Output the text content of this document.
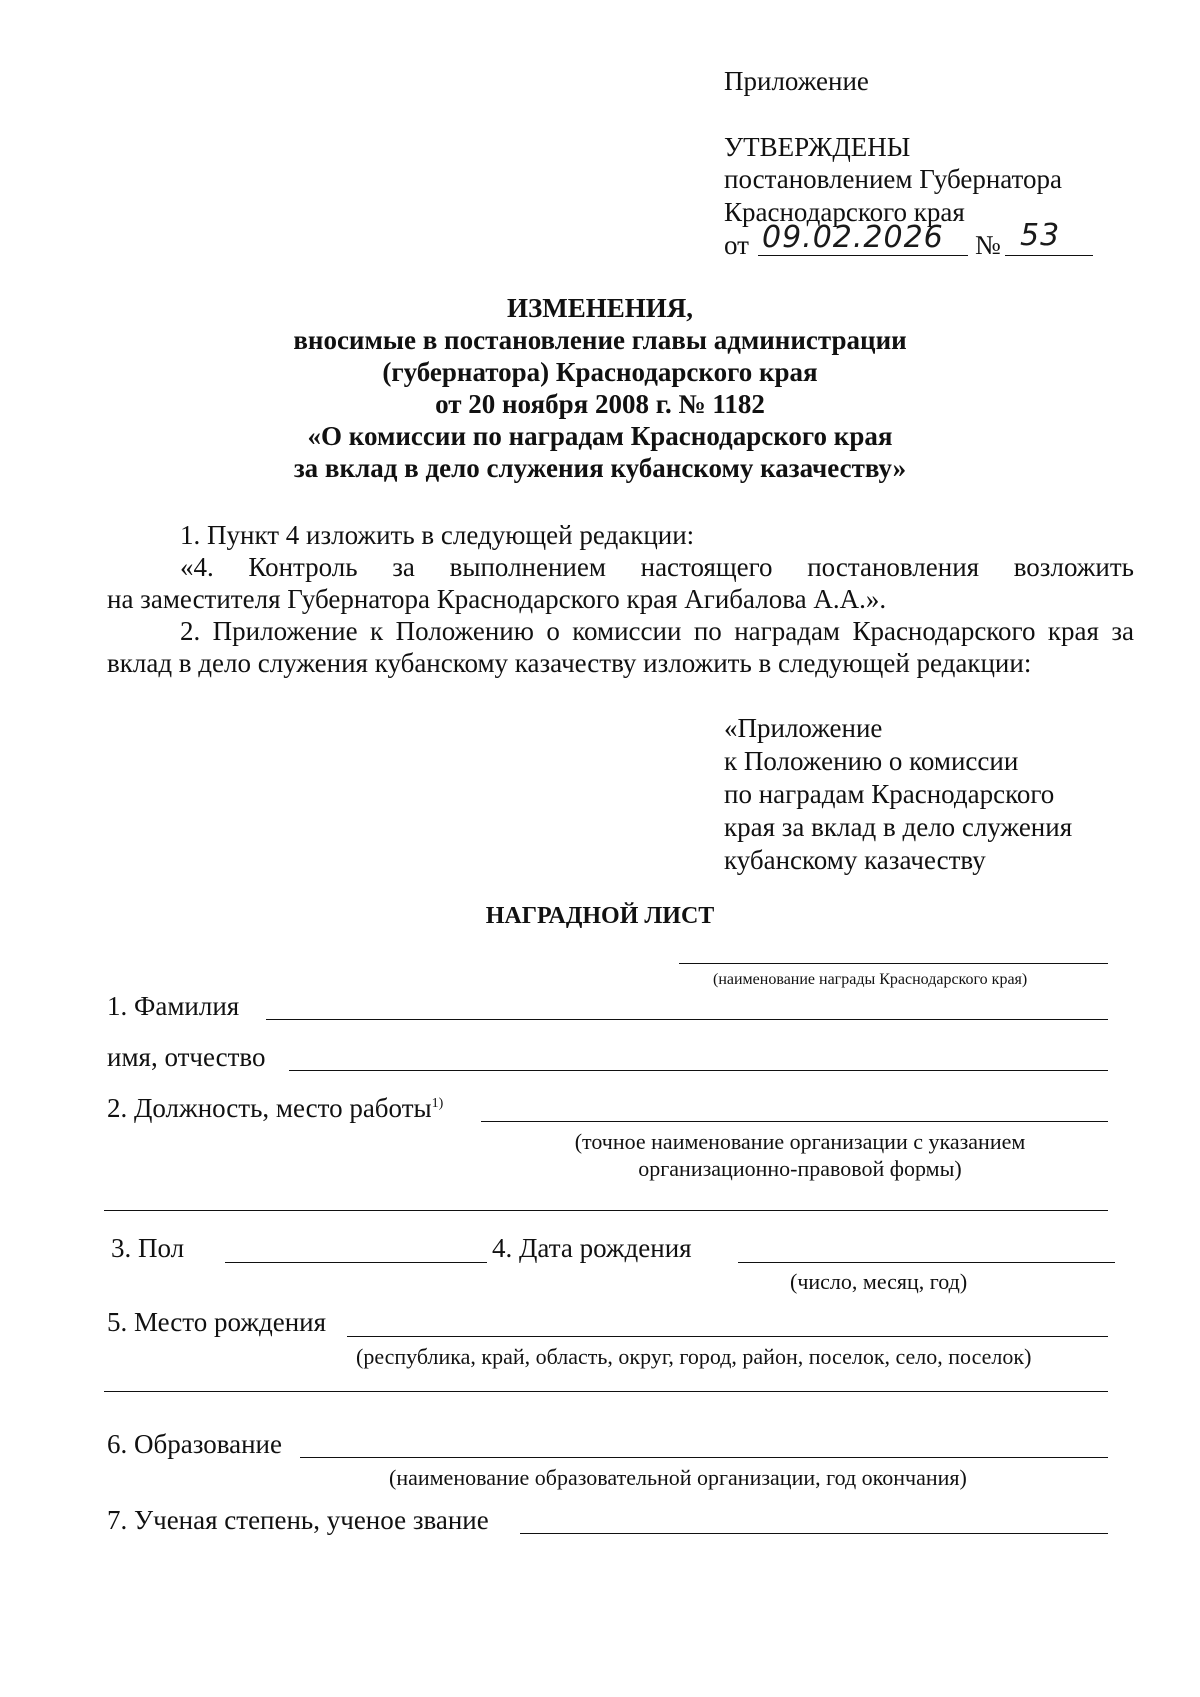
Приложение
УТВЕРЖДЕНЫ
постановлением Губернатора
Краснодарского края
от 09.02.2026 № 53
ИЗМЕНЕНИЯ,
вносимые в постановление главы администрации
(губернатора) Краснодарского края
от 20 ноября 2008 г. № 1182
«О комиссии по наградам Краснодарского края
за вклад в дело служения кубанскому казачеству»
1. Пункт 4 изложить в следующей редакции:
«4. Контроль за выполнением настоящего постановления возложить
на заместителя Губернатора Краснодарского края Агибалова А.А.».
2. Приложение к Положению о комиссии по наградам Краснодарского края за
вклад в дело служения кубанскому казачеству изложить в следующей редакции:
«Приложение
к Положению о комиссии
по наградам Краснодарского
края за вклад в дело служения
кубанскому казачеству
НАГРАДНОЙ ЛИСТ
(наименование награды Краснодарского края)
1. Фамилия
имя, отчество
2. Должность, место работы$^{1)}$
(точное наименование организации с указанием
организационно-правовой формы)
3. Пол	4. Дата рождения
(число, месяц, год)
5. Место рождения
(республика, край, область, округ, город, район, поселок, село, поселок)
6. Образование
(наименование образовательной организации, год окончания)
7. Ученая степень, ученое звание
